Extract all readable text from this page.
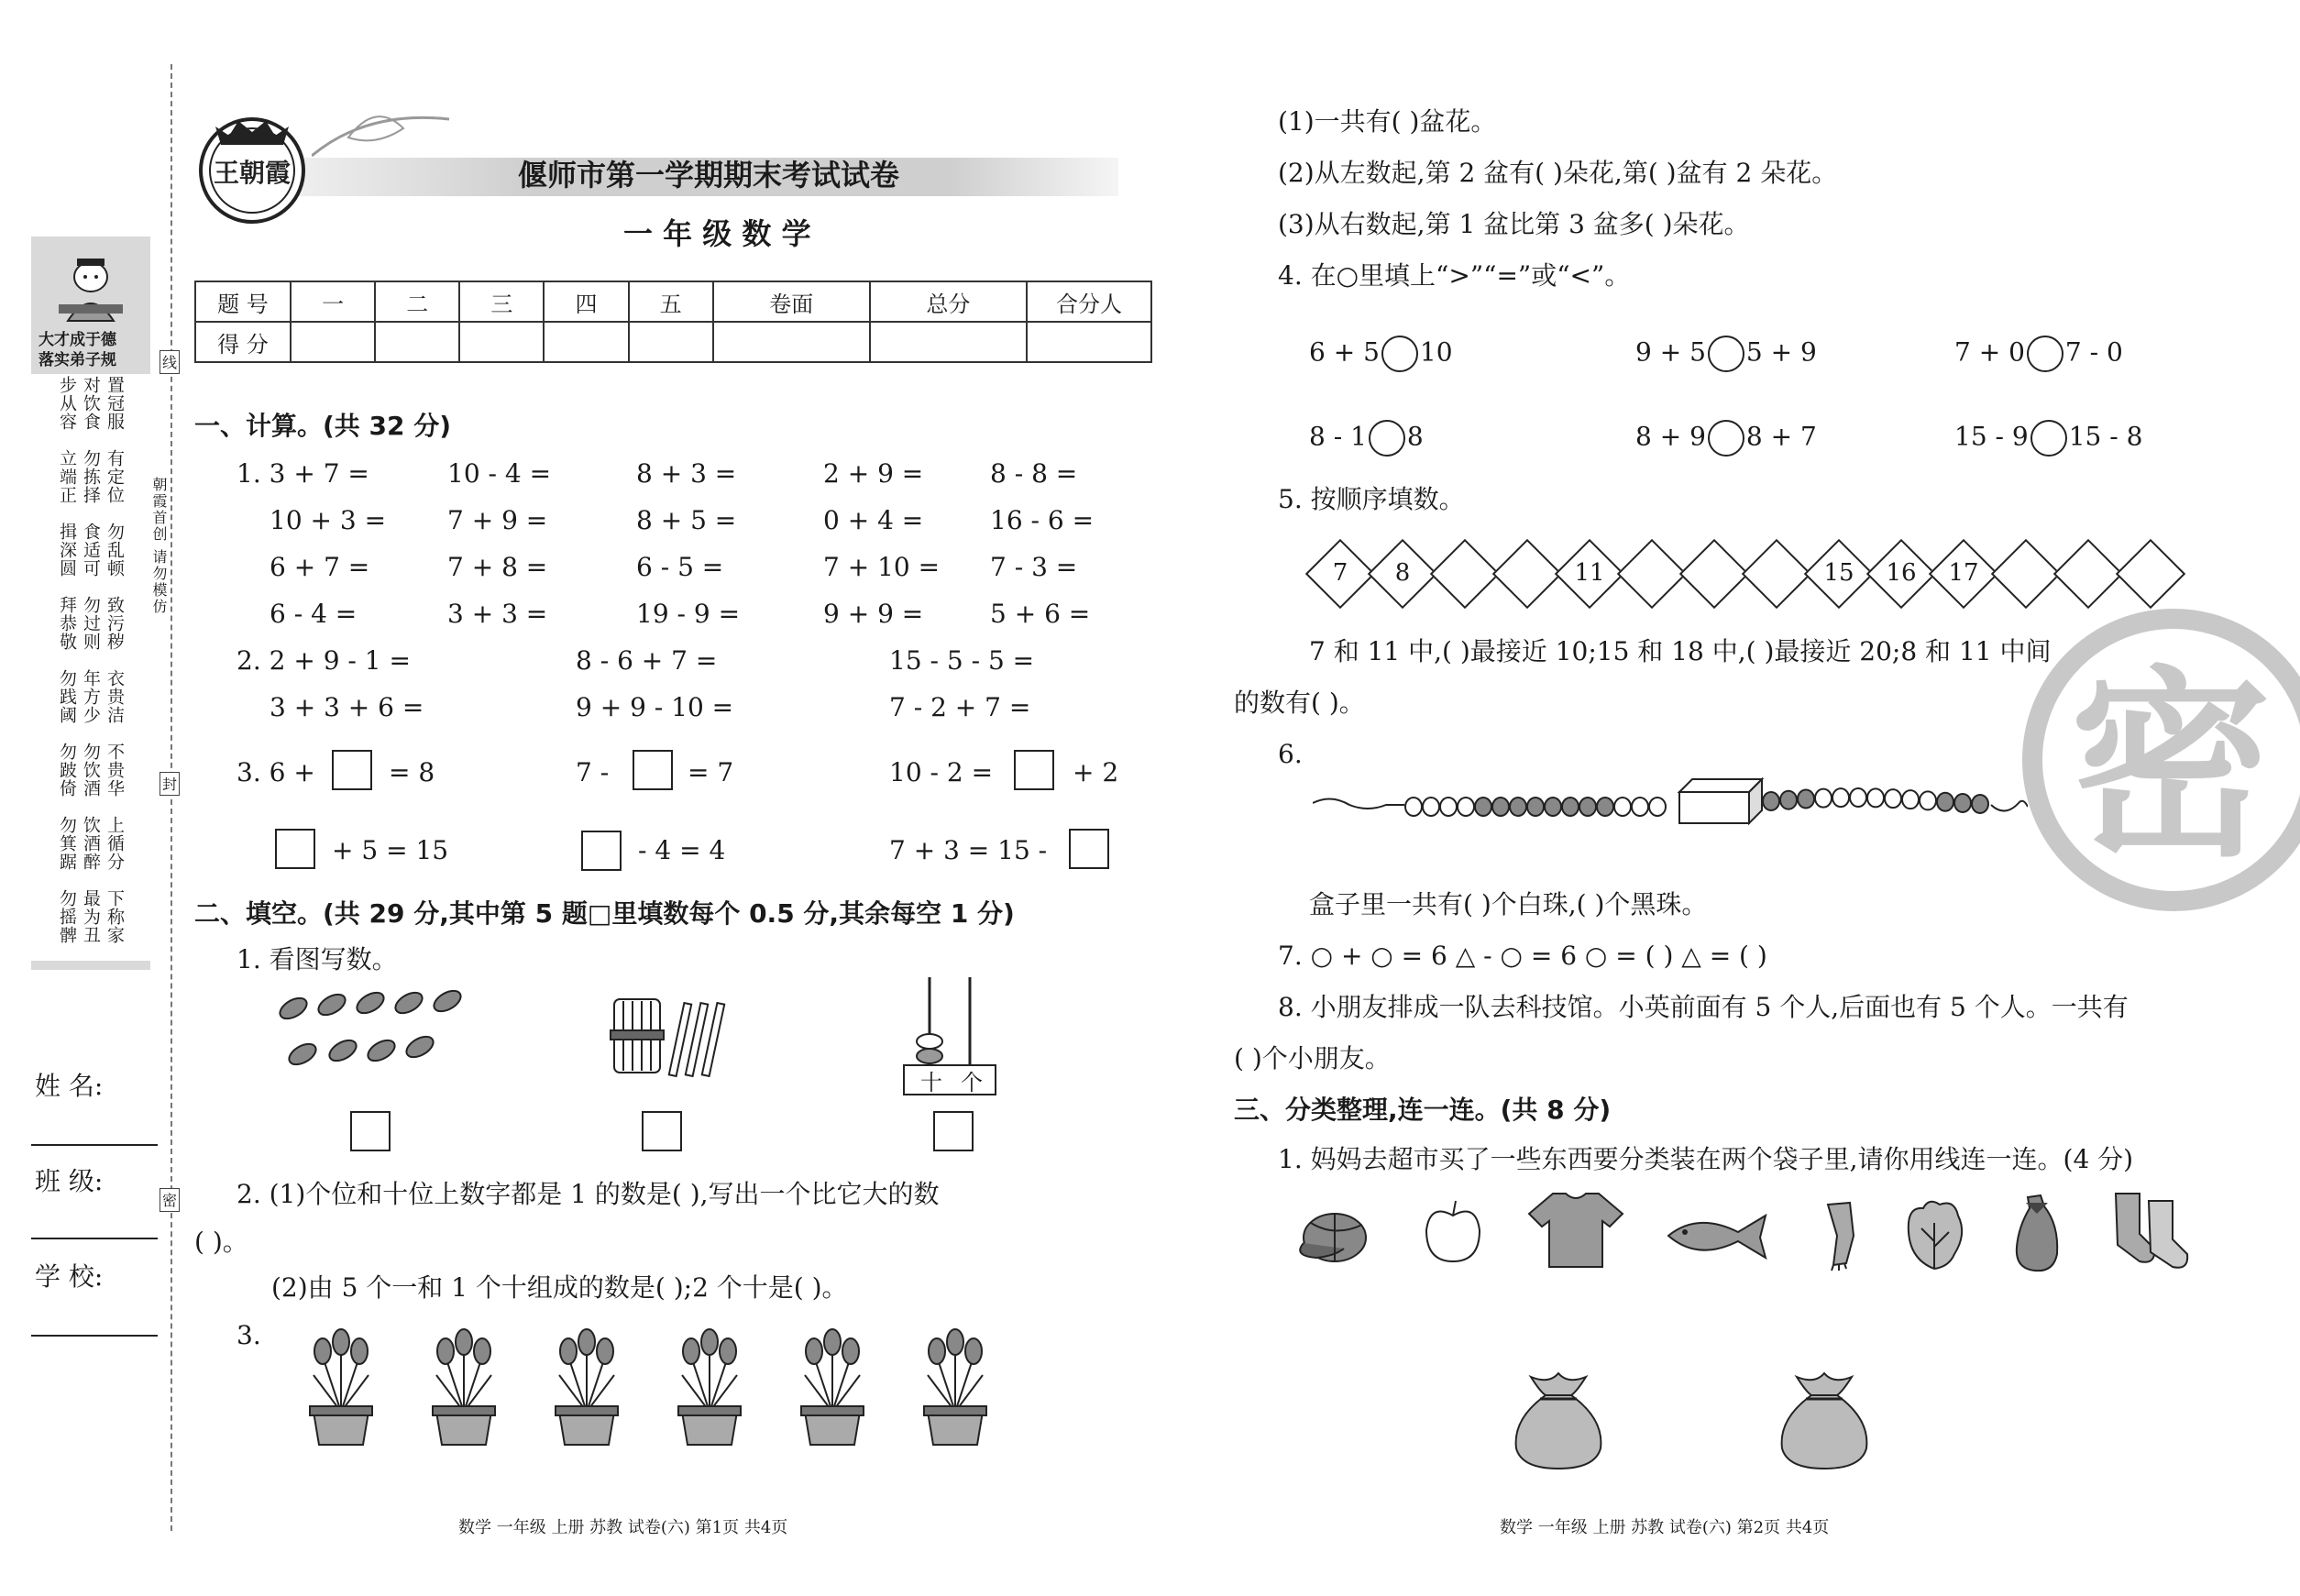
大才成于德
落实弟子规
步从容 对饮食 置冠服
立端正 勿拣择 有定位
揖深圆 食适可 勿乱顿
拜恭敬 勿过则 致污秽
勿践阈 年方少 衣贵洁
勿跛倚 勿饮酒 不贵华
勿箕踞 饮酒醉 上循分
勿摇髀 最为丑 下称家
姓 名:
班 级:
学 校:
朝霞首创 请勿模仿
线
封
密
王朝霞	偃师市第一学期期末考试试卷
一 年 级 数 学
题 号	一	二	三	四	五	卷面	总分	合分人
得 分								
一、计算。(共 32 分)
1. 3 + 7 =	10 - 4 =	8 + 3 =	2 + 9 =	8 - 8 =
10 + 3 = 7 + 9 =	8 + 5 =	0 + 4 =	16 - 6 =
6 + 7 =	7 + 8 =	6 - 5 =	7 + 10 = 7 - 3 =
6 - 4 =	3 + 3 =	19 - 9 =	9 + 9 =	5 + 6 =
2. 2 + 9 - 1 =	8 - 6 + 7 =	15 - 5 - 5 =
3 + 3 + 6 =	9 + 9 - 10 =	7 - 2 + 7 =
3. 6 +	= 8	7 -	= 7	10 - 2 =	+ 2
+ 5 = 15	- 4 = 4	7 + 3 = 15 -
二、填空。(共 29 分,其中第 5 题□里填数每个 0.5 分,其余每空 1 分)
1. 看图写数。
十 个
2. (1)个位和十位上数字都是 1 的数是( ),写出一个比它大的数
( )。
(2)由 5 个一和 1 个十组成的数是( );2 个十是( )。
3.
数学 一年级 上册 苏教 试卷(六) 第1页 共4页
(1)一共有( )盆花。
(2)从左数起,第 2 盆有( )朵花,第( )盆有 2 朵花。
(3)从右数起,第 1 盆比第 3 盆多( )朵花。
4. 在○里填上“>”“=”或“<”。
6 + 5 10	9 + 5 5 + 9	7 + 0 7 - 0
8 - 1 8	8 + 9 8 + 7	15 - 9 15 - 8
5. 按顺序填数。
7	8	11	15	16	17
7 和 11 中,( )最接近 10;15 和 18 中,( )最接近 20;8 和 11 中间
的数有( )。
6.
盒子里一共有( )个白珠,( )个黑珠。
7. ○ + ○ = 6 △ - ○ = 6 ○ = ( ) △ = ( )
8. 小朋友排成一队去科技馆。小英前面有 5 个人,后面也有 5 个人。一共有
( )个小朋友。
三、分类整理,连一连。(共 8 分)
1. 妈妈去超市买了一些东西要分类装在两个袋子里,请你用线连一连。(4 分)
密
数学 一年级 上册 苏教 试卷(六) 第2页 共4页
